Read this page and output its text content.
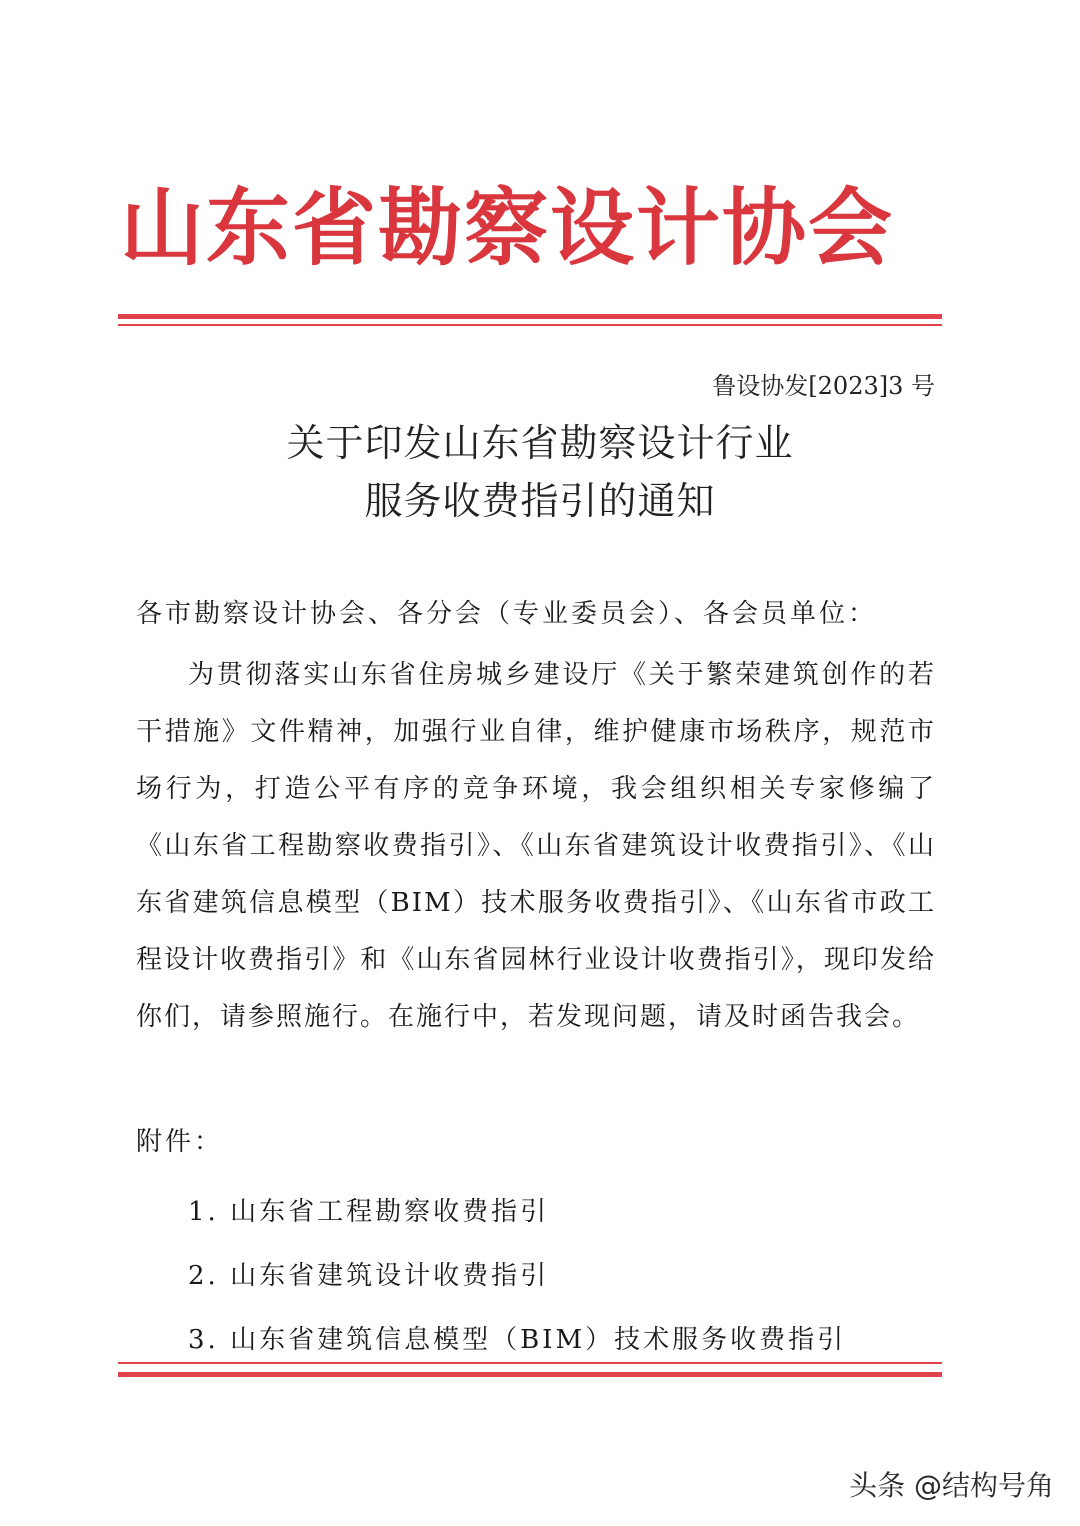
山东省勘察设计协会
鲁设协发[2023]3 号
关于印发山东省勘察设计行业
服务收费指引的通知
各市勘察设计协会、各分会（专业委员会）、各会员单位：
为贯彻落实山东省住房城乡建设厅《关于繁荣建筑创作的若干措施》文件精神，加强行业自律，维护健康市场秩序，规范市场行为，打造公平有序的竞争环境，我会组织相关专家修编了《山东省工程勘察收费指引》、《山东省建筑设计收费指引》、《山东省建筑信息模型（BIM）技术服务收费指引》、《山东省市政工程设计收费指引》和《山东省园林行业设计收费指引》，现印发给你们，请参照施行。在施行中，若发现问题，请及时函告我会。
附件：
1. 山东省工程勘察收费指引
2. 山东省建筑设计收费指引
3. 山东省建筑信息模型（BIM）技术服务收费指引
头条 @结构号角
